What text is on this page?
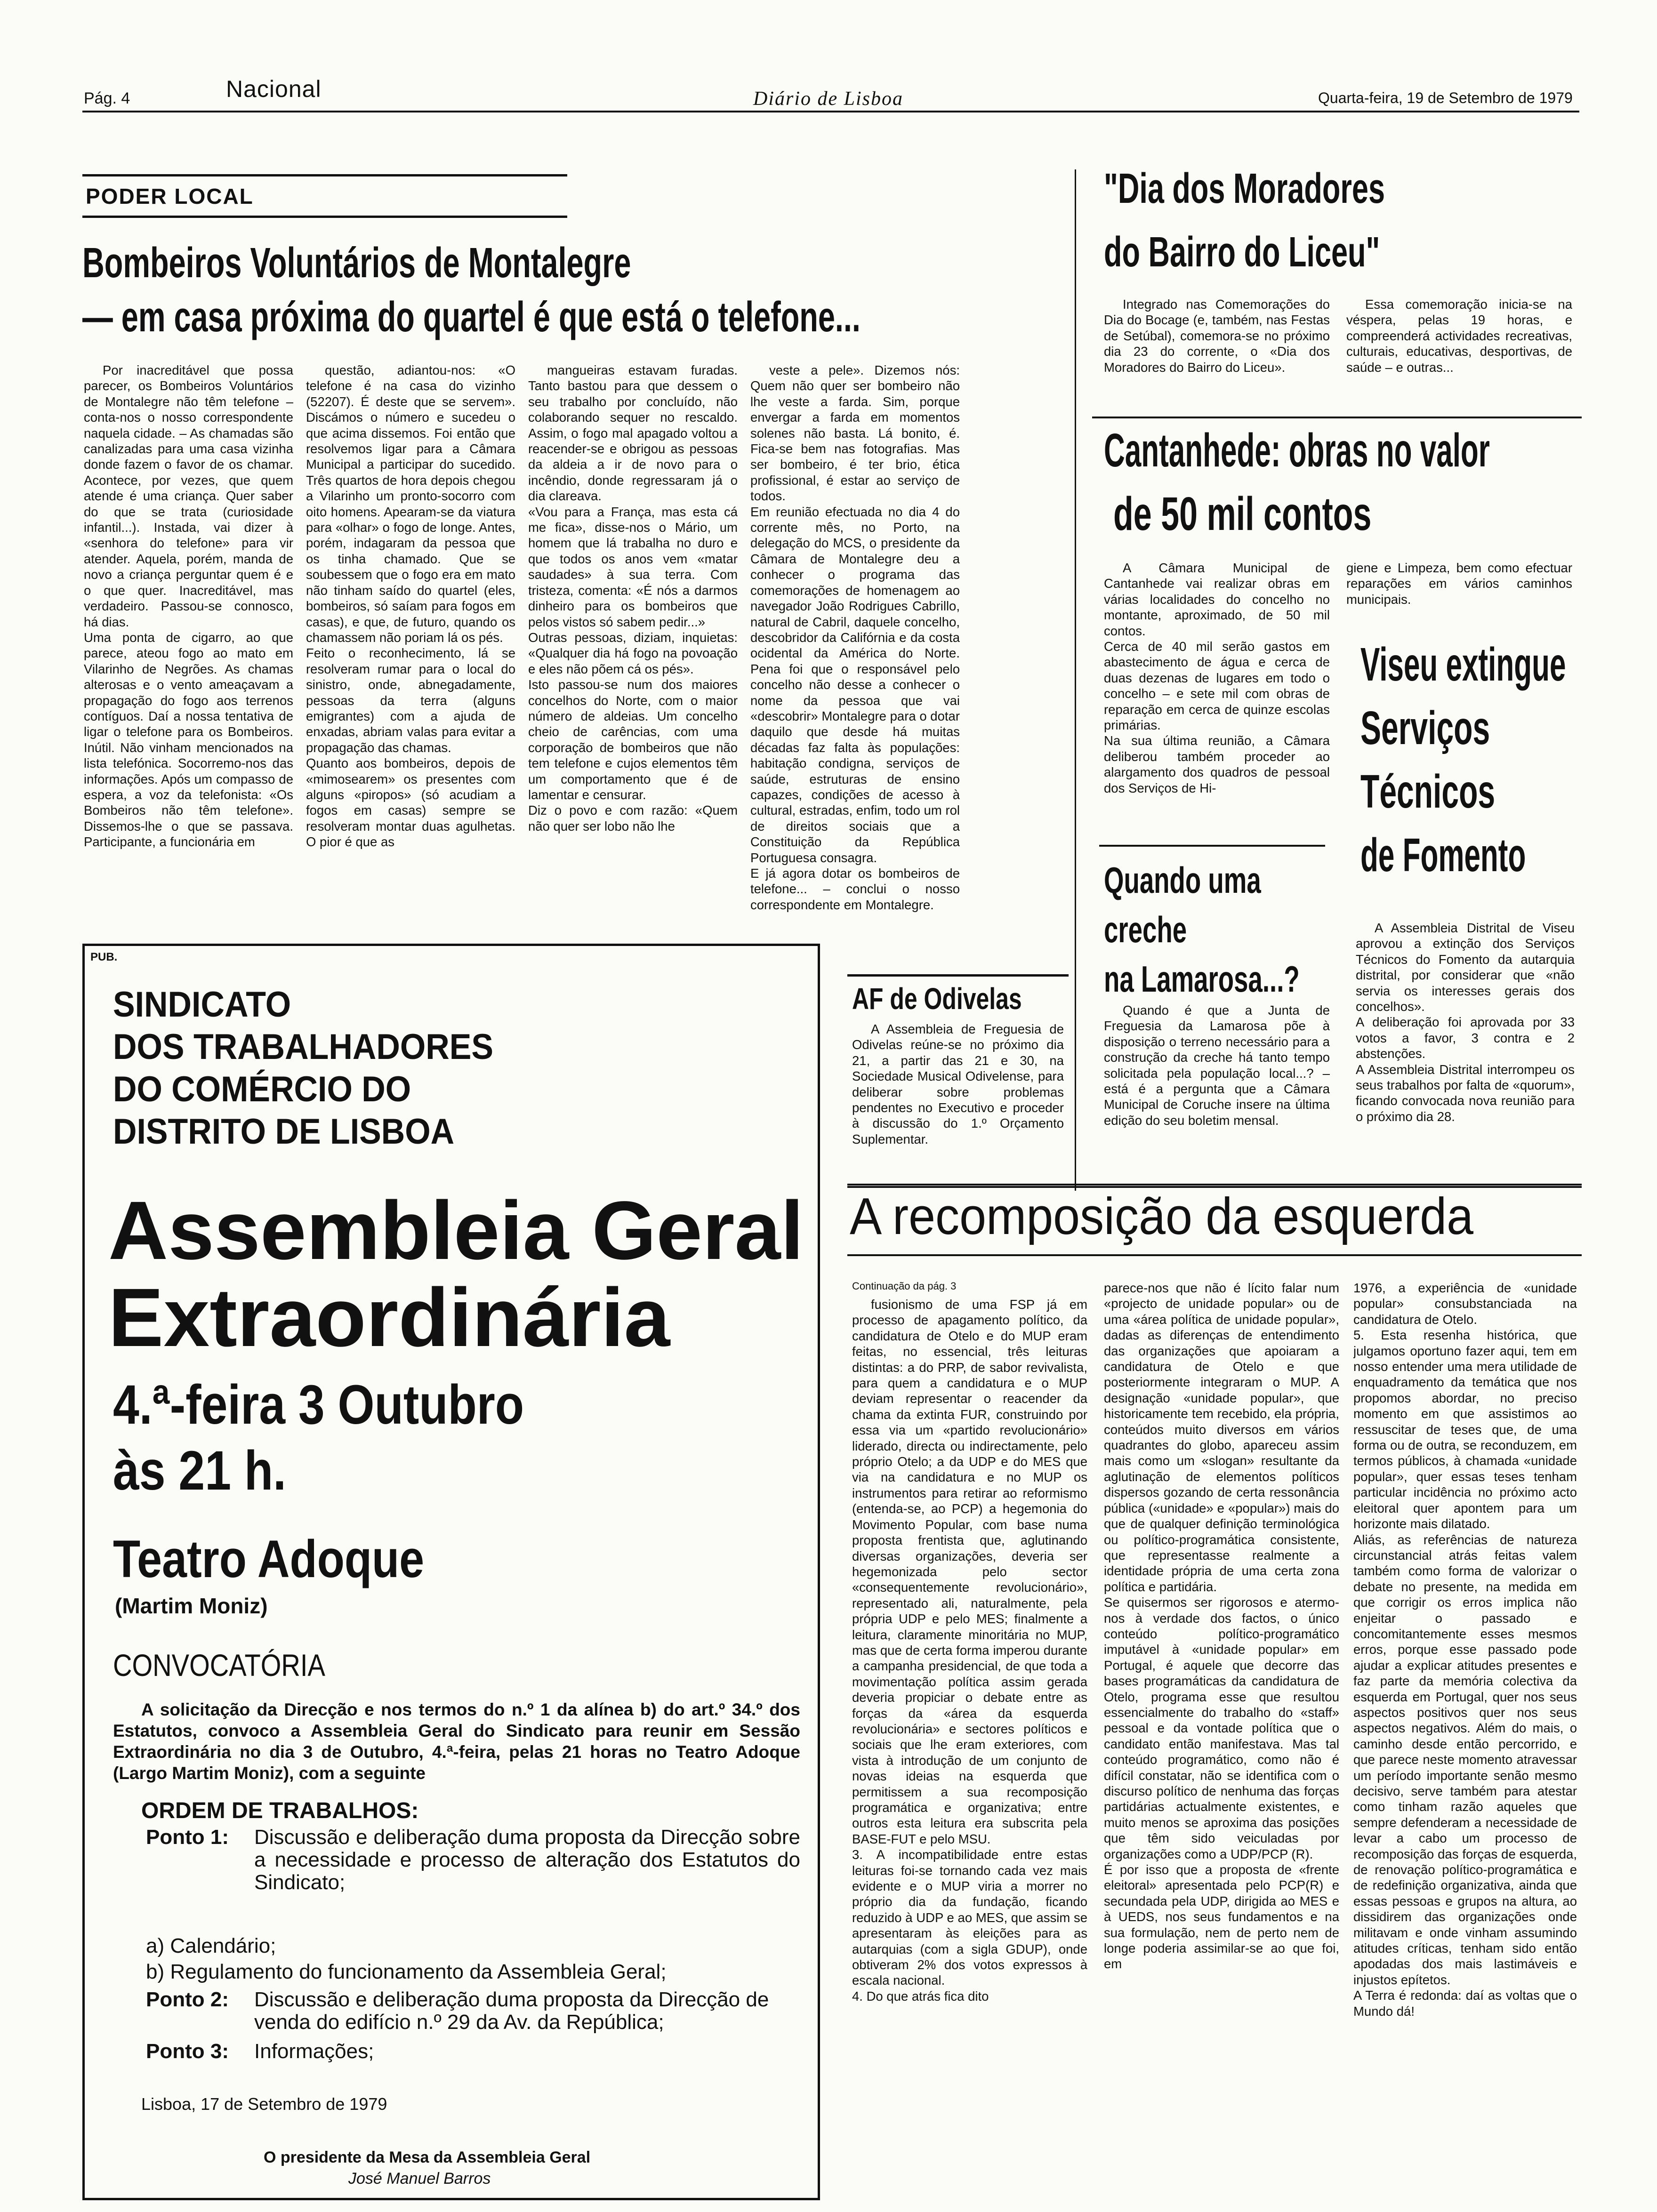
Pág. 4	Nacional	Diário de Lisboa	Quarta-feira, 19 de Setembro de 1979
PODER LOCAL
Bombeiros Voluntários de Montalegre
— em casa próxima do quartel é que está o telefone...
Por inacreditável que possa parecer, os Bombeiros Voluntários de Montalegre não têm telefone – conta-nos o nosso correspondente naquela cidade. – As chamadas são canalizadas para uma casa vizinha donde fazem o favor de os chamar. Acontece, por vezes, que quem atende é uma criança. Quer saber do que se trata (curiosidade infantil...). Instada, vai dizer à «senhora do telefone» para vir atender. Aquela, porém, manda de novo a criança perguntar quem é e o que quer. Inacreditável, mas verdadeiro. Passou-se connosco, há dias.
Uma ponta de cigarro, ao que parece, ateou fogo ao mato em Vilarinho de Negrões. As chamas alterosas e o vento ameaçavam a propagação do fogo aos terrenos contíguos. Daí a nossa tentativa de ligar o telefone para os Bombeiros. Inútil. Não vinham mencionados na lista telefónica. Socorremo-nos das informações. Após um compasso de espera, a voz da telefonista: «Os Bombeiros não têm telefone». Dissemos-lhe o que se passava. Participante, a funcionária em
questão, adiantou-nos: «O telefone é na casa do vizinho (52207). É deste que se servem». Discámos o número e sucedeu o que acima dissemos. Foi então que resolvemos ligar para a Câmara Municipal a participar do sucedido. Três quartos de hora depois chegou a Vilarinho um pronto-socorro com oito homens. Apearam-se da viatura para «olhar» o fogo de longe. Antes, porém, indagaram da pessoa que os tinha chamado. Que se soubessem que o fogo era em mato não tinham saído do quartel (eles, bombeiros, só saíam para fogos em casas), e que, de futuro, quando os chamassem não poriam lá os pés.
Feito o reconhecimento, lá se resolveram rumar para o local do sinistro, onde, abnegadamente, pessoas da terra (alguns emigrantes) com a ajuda de enxadas, abriam valas para evitar a propagação das chamas.
Quanto aos bombeiros, depois de «mimosearem» os presentes com alguns «piropos» (só acudiam a fogos em casas) sempre se resolveram montar duas agulhetas. O pior é que as
mangueiras estavam furadas. Tanto bastou para que dessem o seu trabalho por concluído, não colaborando sequer no rescaldo. Assim, o fogo mal apagado voltou a reacender-se e obrigou as pessoas da aldeia a ir de novo para o incêndio, donde regressaram já o dia clareava.
«Vou para a França, mas esta cá me fica», disse-nos o Mário, um homem que lá trabalha no duro e que todos os anos vem «matar saudades» à sua terra. Com tristeza, comenta: «É nós a darmos dinheiro para os bombeiros que pelos vistos só sabem pedir...»
Outras pessoas, diziam, inquietas: «Qualquer dia há fogo na povoação e eles não põem cá os pés».
Isto passou-se num dos maiores concelhos do Norte, com o maior número de aldeias. Um concelho cheio de carências, com uma corporação de bombeiros que não tem telefone e cujos elementos têm um comportamento que é de lamentar e censurar.
Diz o povo e com razão: «Quem não quer ser lobo não lhe
veste a pele». Dizemos nós: Quem não quer ser bombeiro não lhe veste a farda. Sim, porque envergar a farda em momentos solenes não basta. Lá bonito, é. Fica-se bem nas fotografias. Mas ser bombeiro, é ter brio, ética profissional, é estar ao serviço de todos.
Em reunião efectuada no dia 4 do corrente mês, no Porto, na delegação do MCS, o presidente da Câmara de Montalegre deu a conhecer o programa das comemorações de homenagem ao navegador João Rodrigues Cabrillo, natural de Cabril, daquele concelho, descobridor da Califórnia e da costa ocidental da América do Norte. Pena foi que o responsável pelo concelho não desse a conhecer o nome da pessoa que vai «descobrir» Montalegre para o dotar daquilo que desde há muitas décadas faz falta às populações: habitação condigna, serviços de saúde, estruturas de ensino capazes, condições de acesso à cultural, estradas, enfim, todo um rol de direitos sociais que a Constituição da República Portuguesa consagra.
E já agora dotar os bombeiros de telefone... – conclui o nosso correspondente em Montalegre.
AF de Odivelas
A Assembleia de Freguesia de Odivelas reúne-se no próximo dia 21, a partir das 21 e 30, na Sociedade Musical Odivelense, para deliberar sobre problemas pendentes no Executivo e proceder à discussão do 1.º Orçamento Suplementar.
"Dia dos Moradores
do Bairro do Liceu"
Integrado nas Comemorações do Dia do Bocage (e, também, nas Festas de Setúbal), comemora-se no próximo dia 23 do corrente, o «Dia dos Moradores do Bairro do Liceu».
Essa comemoração inicia-se na véspera, pelas 19 horas, e compreenderá actividades recreativas, culturais, educativas, desportivas, de saúde – e outras...
Cantanhede: obras no valor
de 50 mil contos
A Câmara Municipal de Cantanhede vai realizar obras em várias localidades do concelho no montante, aproximado, de 50 mil contos.
Cerca de 40 mil serão gastos em abastecimento de água e cerca de duas dezenas de lugares em todo o concelho – e sete mil com obras de reparação em cerca de quinze escolas primárias.
Na sua última reunião, a Câmara deliberou também proceder ao alargamento dos quadros de pessoal dos Serviços de Hi-
giene e Limpeza, bem como efectuar reparações em vários caminhos municipais.
Quando uma
creche
na Lamarosa...?
Quando é que a Junta de Freguesia da Lamarosa põe à disposição o terreno necessário para a construção da creche há tanto tempo solicitada pela população local...? – está é a pergunta que a Câmara Municipal de Coruche insere na última edição do seu boletim mensal.
Viseu extingue
Serviços
Técnicos
de Fomento
A Assembleia Distrital de Viseu aprovou a extinção dos Serviços Técnicos do Fomento da autarquia distrital, por considerar que «não servia os interesses gerais dos concelhos».
A deliberação foi aprovada por 33 votos a favor, 3 contra e 2 abstenções.
A Assembleia Distrital interrompeu os seus trabalhos por falta de «quorum», ficando convocada nova reunião para o próximo dia 28.
PUB.
SINDICATO
DOS TRABALHADORES
DO COMÉRCIO DO
DISTRITO DE LISBOA
Assembleia Geral
Extraordinária
4.ª-feira 3 Outubro
às 21 h.
Teatro Adoque
(Martim Moniz)
CONVOCATÓRIA
A solicitação da Direcção e nos termos do n.º 1 da alínea b) do art.º 34.º dos Estatutos, convoco a Assembleia Geral do Sindicato para reunir em Sessão Extraordinária no dia 3 de Outubro, 4.ª-feira, pelas 21 horas no Teatro Adoque (Largo Martim Moniz), com a seguinte
ORDEM DE TRABALHOS:
Ponto 1:	Discussão e deliberação duma proposta da Direcção sobre a necessidade e processo de alteração dos Estatutos do Sindicato;
a) Calendário;
b) Regulamento do funcionamento da Assembleia Geral;
Ponto 2:	Discussão e deliberação duma proposta da Direcção de venda do edifício n.º 29 da Av. da República;
Ponto 3:	Informações;
Lisboa, 17 de Setembro de 1979
O presidente da Mesa da Assembleia Geral
José Manuel Barros
A recomposição da esquerda
Continuação da pág. 3
fusionismo de uma FSP já em processo de apagamento político, da candidatura de Otelo e do MUP eram feitas, no essencial, três leituras distintas: a do PRP, de sabor revivalista, para quem a candidatura e o MUP deviam representar o reacender da chama da extinta FUR, construindo por essa via um «partido revolucionário» liderado, directa ou indirectamente, pelo próprio Otelo; a da UDP e do MES que via na candidatura e no MUP os instrumentos para retirar ao reformismo (entenda-se, ao PCP) a hegemonia do Movimento Popular, com base numa proposta frentista que, aglutinando diversas organizações, deveria ser hegemonizada pelo sector «consequentemente revolucionário», representado ali, naturalmente, pela própria UDP e pelo MES; finalmente a leitura, claramente minoritária no MUP, mas que de certa forma imperou durante a campanha presidencial, de que toda a movimentação política assim gerada deveria propiciar o debate entre as forças da «área da esquerda revolucionária» e sectores políticos e sociais que lhe eram exteriores, com vista à introdução de um conjunto de novas ideias na esquerda que permitissem a sua recomposição programática e organizativa; entre outros esta leitura era subscrita pela BASE-FUT e pelo MSU.
3. A incompatibilidade entre estas leituras foi-se tornando cada vez mais evidente e o MUP viria a morrer no próprio dia da fundação, ficando reduzido à UDP e ao MES, que assim se apresentaram às eleições para as autarquias (com a sigla GDUP), onde obtiveram 2% dos votos expressos à escala nacional.
4. Do que atrás fica dito
parece-nos que não é lícito falar num «projecto de unidade popular» ou de uma «área política de unidade popular», dadas as diferenças de entendimento das organizações que apoiaram a candidatura de Otelo e que posteriormente integraram o MUP. A designação «unidade popular», que historicamente tem recebido, ela própria, conteúdos muito diversos em vários quadrantes do globo, apareceu assim mais como um «slogan» resultante da aglutinação de elementos políticos dispersos gozando de certa ressonância pública («unidade» e «popular») mais do que de qualquer definição terminológica ou político-programática consistente, que representasse realmente a identidade própria de uma certa zona política e partidária.
Se quisermos ser rigorosos e atermo-nos à verdade dos factos, o único conteúdo político-programático imputável à «unidade popular» em Portugal, é aquele que decorre das bases programáticas da candidatura de Otelo, programa esse que resultou essencialmente do trabalho do «staff» pessoal e da vontade política que o candidato então manifestava. Mas tal conteúdo programático, como não é difícil constatar, não se identifica com o discurso político de nenhuma das forças partidárias actualmente existentes, e muito menos se aproxima das posições que têm sido veiculadas por organizações como a UDP/PCP (R).
É por isso que a proposta de «frente eleitoral» apresentada pelo PCP(R) e secundada pela UDP, dirigida ao MES e à UEDS, nos seus fundamentos e na sua formulação, nem de perto nem de longe poderia assimilar-se ao que foi, em
1976, a experiência de «unidade popular» consubstanciada na candidatura de Otelo.
5. Esta resenha histórica, que julgamos oportuno fazer aqui, tem em nosso entender uma mera utilidade de enquadramento da temática que nos propomos abordar, no preciso momento em que assistimos ao ressuscitar de teses que, de uma forma ou de outra, se reconduzem, em termos públicos, à chamada «unidade popular», quer essas teses tenham particular incidência no próximo acto eleitoral quer apontem para um horizonte mais dilatado.
Aliás, as referências de natureza circunstancial atrás feitas valem também como forma de valorizar o debate no presente, na medida em que corrigir os erros implica não enjeitar o passado e concomitantemente esses mesmos erros, porque esse passado pode ajudar a explicar atitudes presentes e faz parte da memória colectiva da esquerda em Portugal, quer nos seus aspectos positivos quer nos seus aspectos negativos. Além do mais, o caminho desde então percorrido, e que parece neste momento atravessar um período importante senão mesmo decisivo, serve também para atestar como tinham razão aqueles que sempre defenderam a necessidade de levar a cabo um processo de recomposição das forças de esquerda, de renovação político-programática e de redefinição organizativa, ainda que essas pessoas e grupos na altura, ao dissidirem das organizações onde militavam e onde vinham assumindo atitudes críticas, tenham sido então apodadas dos mais lastimáveis e injustos epítetos.
A Terra é redonda: daí as voltas que o Mundo dá!
